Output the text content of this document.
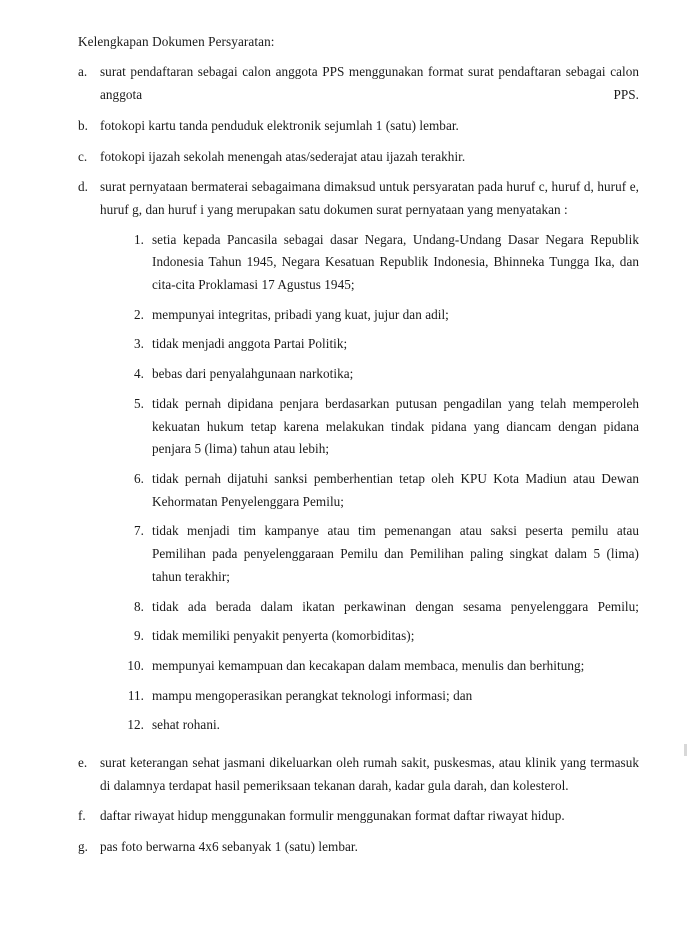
Kelengkapan Dokumen Persyaratan:
a. surat pendaftaran sebagai calon anggota PPS menggunakan format surat pendaftaran sebagai calon anggota PPS.
b. fotokopi kartu tanda penduduk elektronik sejumlah 1 (satu) lembar.
c. fotokopi ijazah sekolah menengah atas/sederajat atau ijazah terakhir.
d. surat pernyataan bermaterai sebagaimana dimaksud untuk persyaratan pada huruf c, huruf d, huruf e, huruf g, dan huruf i yang merupakan satu dokumen surat pernyataan yang menyatakan :

1. setia kepada Pancasila sebagai dasar Negara, Undang-Undang Dasar Negara Republik Indonesia Tahun 1945, Negara Kesatuan Republik Indonesia, Bhinneka Tungga Ika, dan cita-cita Proklamasi 17 Agustus 1945;
2. mempunyai integritas, pribadi yang kuat, jujur dan adil;
3. tidak menjadi anggota Partai Politik;
4. bebas dari penyalahgunaan narkotika;
5. tidak pernah dipidana penjara berdasarkan putusan pengadilan yang telah memperoleh kekuatan hukum tetap karena melakukan tindak pidana yang diancam dengan pidana penjara 5 (lima) tahun atau lebih;
6. tidak pernah dijatuhi sanksi pemberhentian tetap oleh KPU Kota Madiun atau Dewan Kehormatan Penyelenggara Pemilu;
7. tidak menjadi tim kampanye atau tim pemenangan atau saksi peserta pemilu atau Pemilihan pada penyelenggaraan Pemilu dan Pemilihan paling singkat dalam 5 (lima) tahun terakhir;
8. tidak ada berada dalam ikatan perkawinan dengan sesama penyelenggara Pemilu;
9. tidak memiliki penyakit penyerta (komorbiditas);
10. mempunyai kemampuan dan kecakapan dalam membaca, menulis dan berhitung;
11. mampu mengoperasikan perangkat teknologi informasi; dan
12. sehat rohani.
e. surat keterangan sehat jasmani dikeluarkan oleh rumah sakit, puskesmas, atau klinik yang termasuk di dalamnya terdapat hasil pemeriksaan tekanan darah, kadar gula darah, dan kolesterol.
f.	daftar riwayat hidup menggunakan formulir menggunakan format daftar riwayat hidup.
g. pas foto berwarna 4x6 sebanyak 1 (satu) lembar.
